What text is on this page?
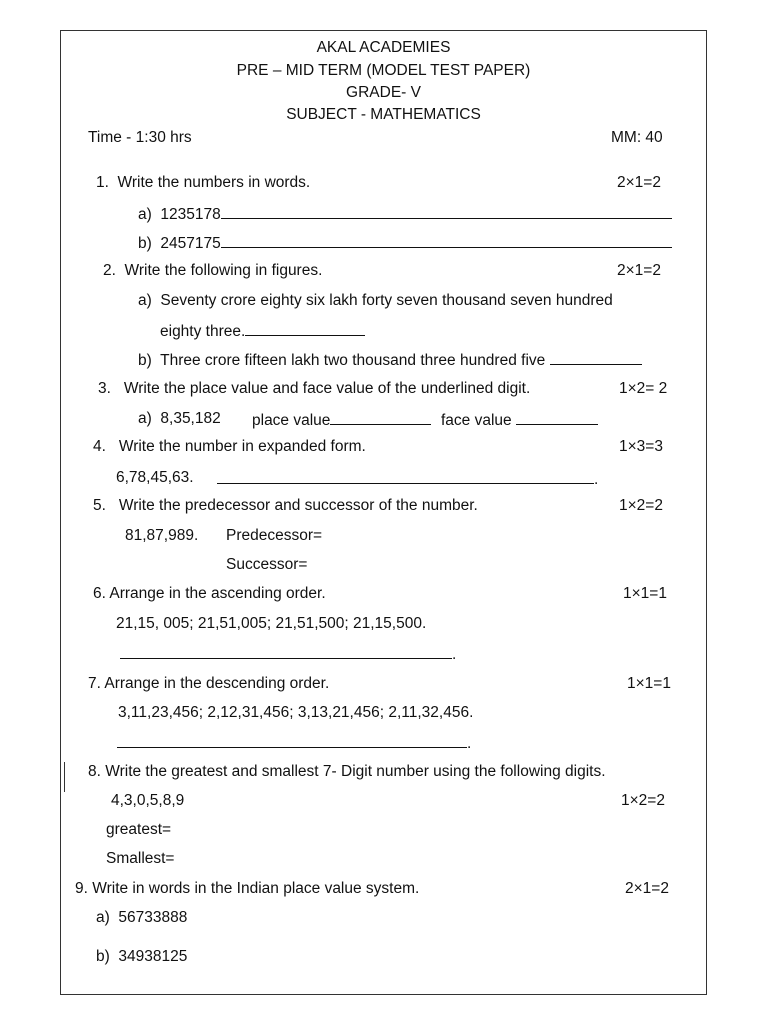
AKAL ACADEMIES
PRE – MID TERM (MODEL TEST PAPER)
GRADE- V
SUBJECT - MATHEMATICS
Time - 1:30 hrs	MM: 40
1.  Write the numbers in words.	2×1=2
a)  1235178
b)  2457175
2.  Write the following in figures.	2×1=2
a)  Seventy crore eighty six lakh forty seven thousand seven hundred
eighty three.
b)  Three crore fifteen lakh two thousand three hundred five
3.   Write the place value and face value of the underlined digit.	1×2= 2
a)  8,35,182 place value	face value
4.   Write the number in expanded form.	1×3=3
6,78,45,63.	.
5.   Write the predecessor and successor of the number.	1×2=2
81,87,989. Predecessor=
Successor=
6. Arrange in the ascending order.	1×1=1
21,15, 005; 21,51,005; 21,51,500; 21,15,500.
.
7. Arrange in the descending order.	1×1=1
3,11,23,456; 2,12,31,456; 3,13,21,456; 2,11,32,456.
.
8. Write the greatest and smallest 7- Digit number using the following digits.
4,3,0,5,8,9	1×2=2
greatest=
Smallest=
9. Write in words in the Indian place value system.	2×1=2
a)  56733888
b)  34938125
